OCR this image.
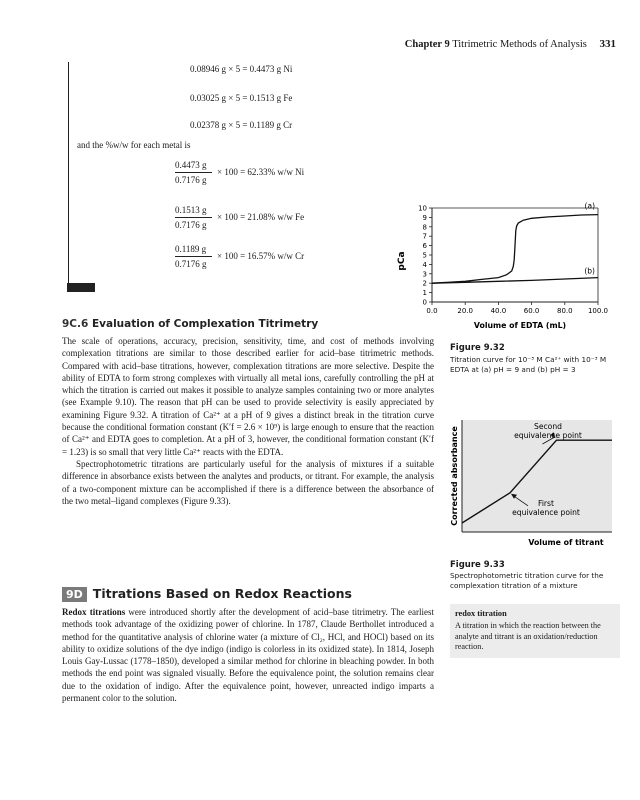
Chapter 9 Titrimetric Methods of Analysis 331
0.08946 g × 5 = 0.4473 g Ni
0.03025 g × 5 = 0.1513 g Fe
0.02378 g × 5 = 0.1189 g Cr
and the %w/w for each metal is
0.4473 g
0.7176 g
× 100 = 62.33% w/w Ni
0.1513 g
0.7176 g
× 100 = 21.08% w/w Fe
0.1189 g
0.7176 g
× 100 = 16.57% w/w Cr
0
1
2
3
4
5
6
7
8
9
10
0.0	20.0	40.0	60.0	80.0 100.0
(a)
(b)
pCa
Volume of EDTA (mL)
Figure 9.32
Titration curve for 10⁻³ M Ca²⁺ with 10⁻³ M EDTA at (a) pH = 9 and (b) pH = 3
9C.6 Evaluation of Complexation Titrimetry

The scale of operations, accuracy, precision, sensitivity, time, and cost of methods involving complexation titrations are similar to those described earlier for acid–base titrimetric methods. Compared with acid–base titrations, however, complexation titrations are more selective. Despite the ability of EDTA to form strong complexes with virtually all metal ions, carefully controlling the pH at which the titration is carried out makes it possible to analyze samples containing two or more analytes (see Example 9.10). The reason that pH can be used to provide selectivity is easily appreciated by examining Figure 9.32. A titration of Ca²⁺ at a pH of 9 gives a distinct break in the titration curve because the conditional formation constant (K′f = 2.6 × 10⁹) is large enough to ensure that the reaction of Ca²⁺ and EDTA goes to completion. At a pH of 3, however, the conditional formation constant (K′f = 1.23) is so small that very little Ca²⁺ reacts with the EDTA.

Spectrophotometric titrations are particularly useful for the analysis of mixtures if a suitable difference in absorbance exists between the analytes and products, or titrant. For example, the analysis of a two-component mixture can be accomplished if there is a difference between the absorbance of the two metal–ligand complexes (Figure 9.33).

Second equivalence point
First equivalence point
Corrected absorbance
Volume of titrant
Figure 9.33
Spectrophotometric titration curve for the complexation titration of a mixture
9D Titrations Based on Redox Reactions

Redox titrations were introduced shortly after the development of acid–base titrimetry. The earliest methods took advantage of the oxidizing power of chlorine. In 1787, Claude Berthollet introduced a method for the quantitative analysis of chlorine water (a mixture of Cl₂, HCl, and HOCl) based on its ability to oxidize solutions of the dye indigo (indigo is colorless in its oxidized state). In 1814, Joseph Louis Gay-Lussac (1778–1850), developed a similar method for chlorine in bleaching powder. In both methods the end point was signaled visually. Before the equivalence point, the solution remains clear due to the oxidation of indigo. After the equivalence point, however, unreacted indigo imparts a permanent color to the solution.

redox titration
A titration in which the reaction between the analyte and titrant is an oxidation/reduction reaction.
